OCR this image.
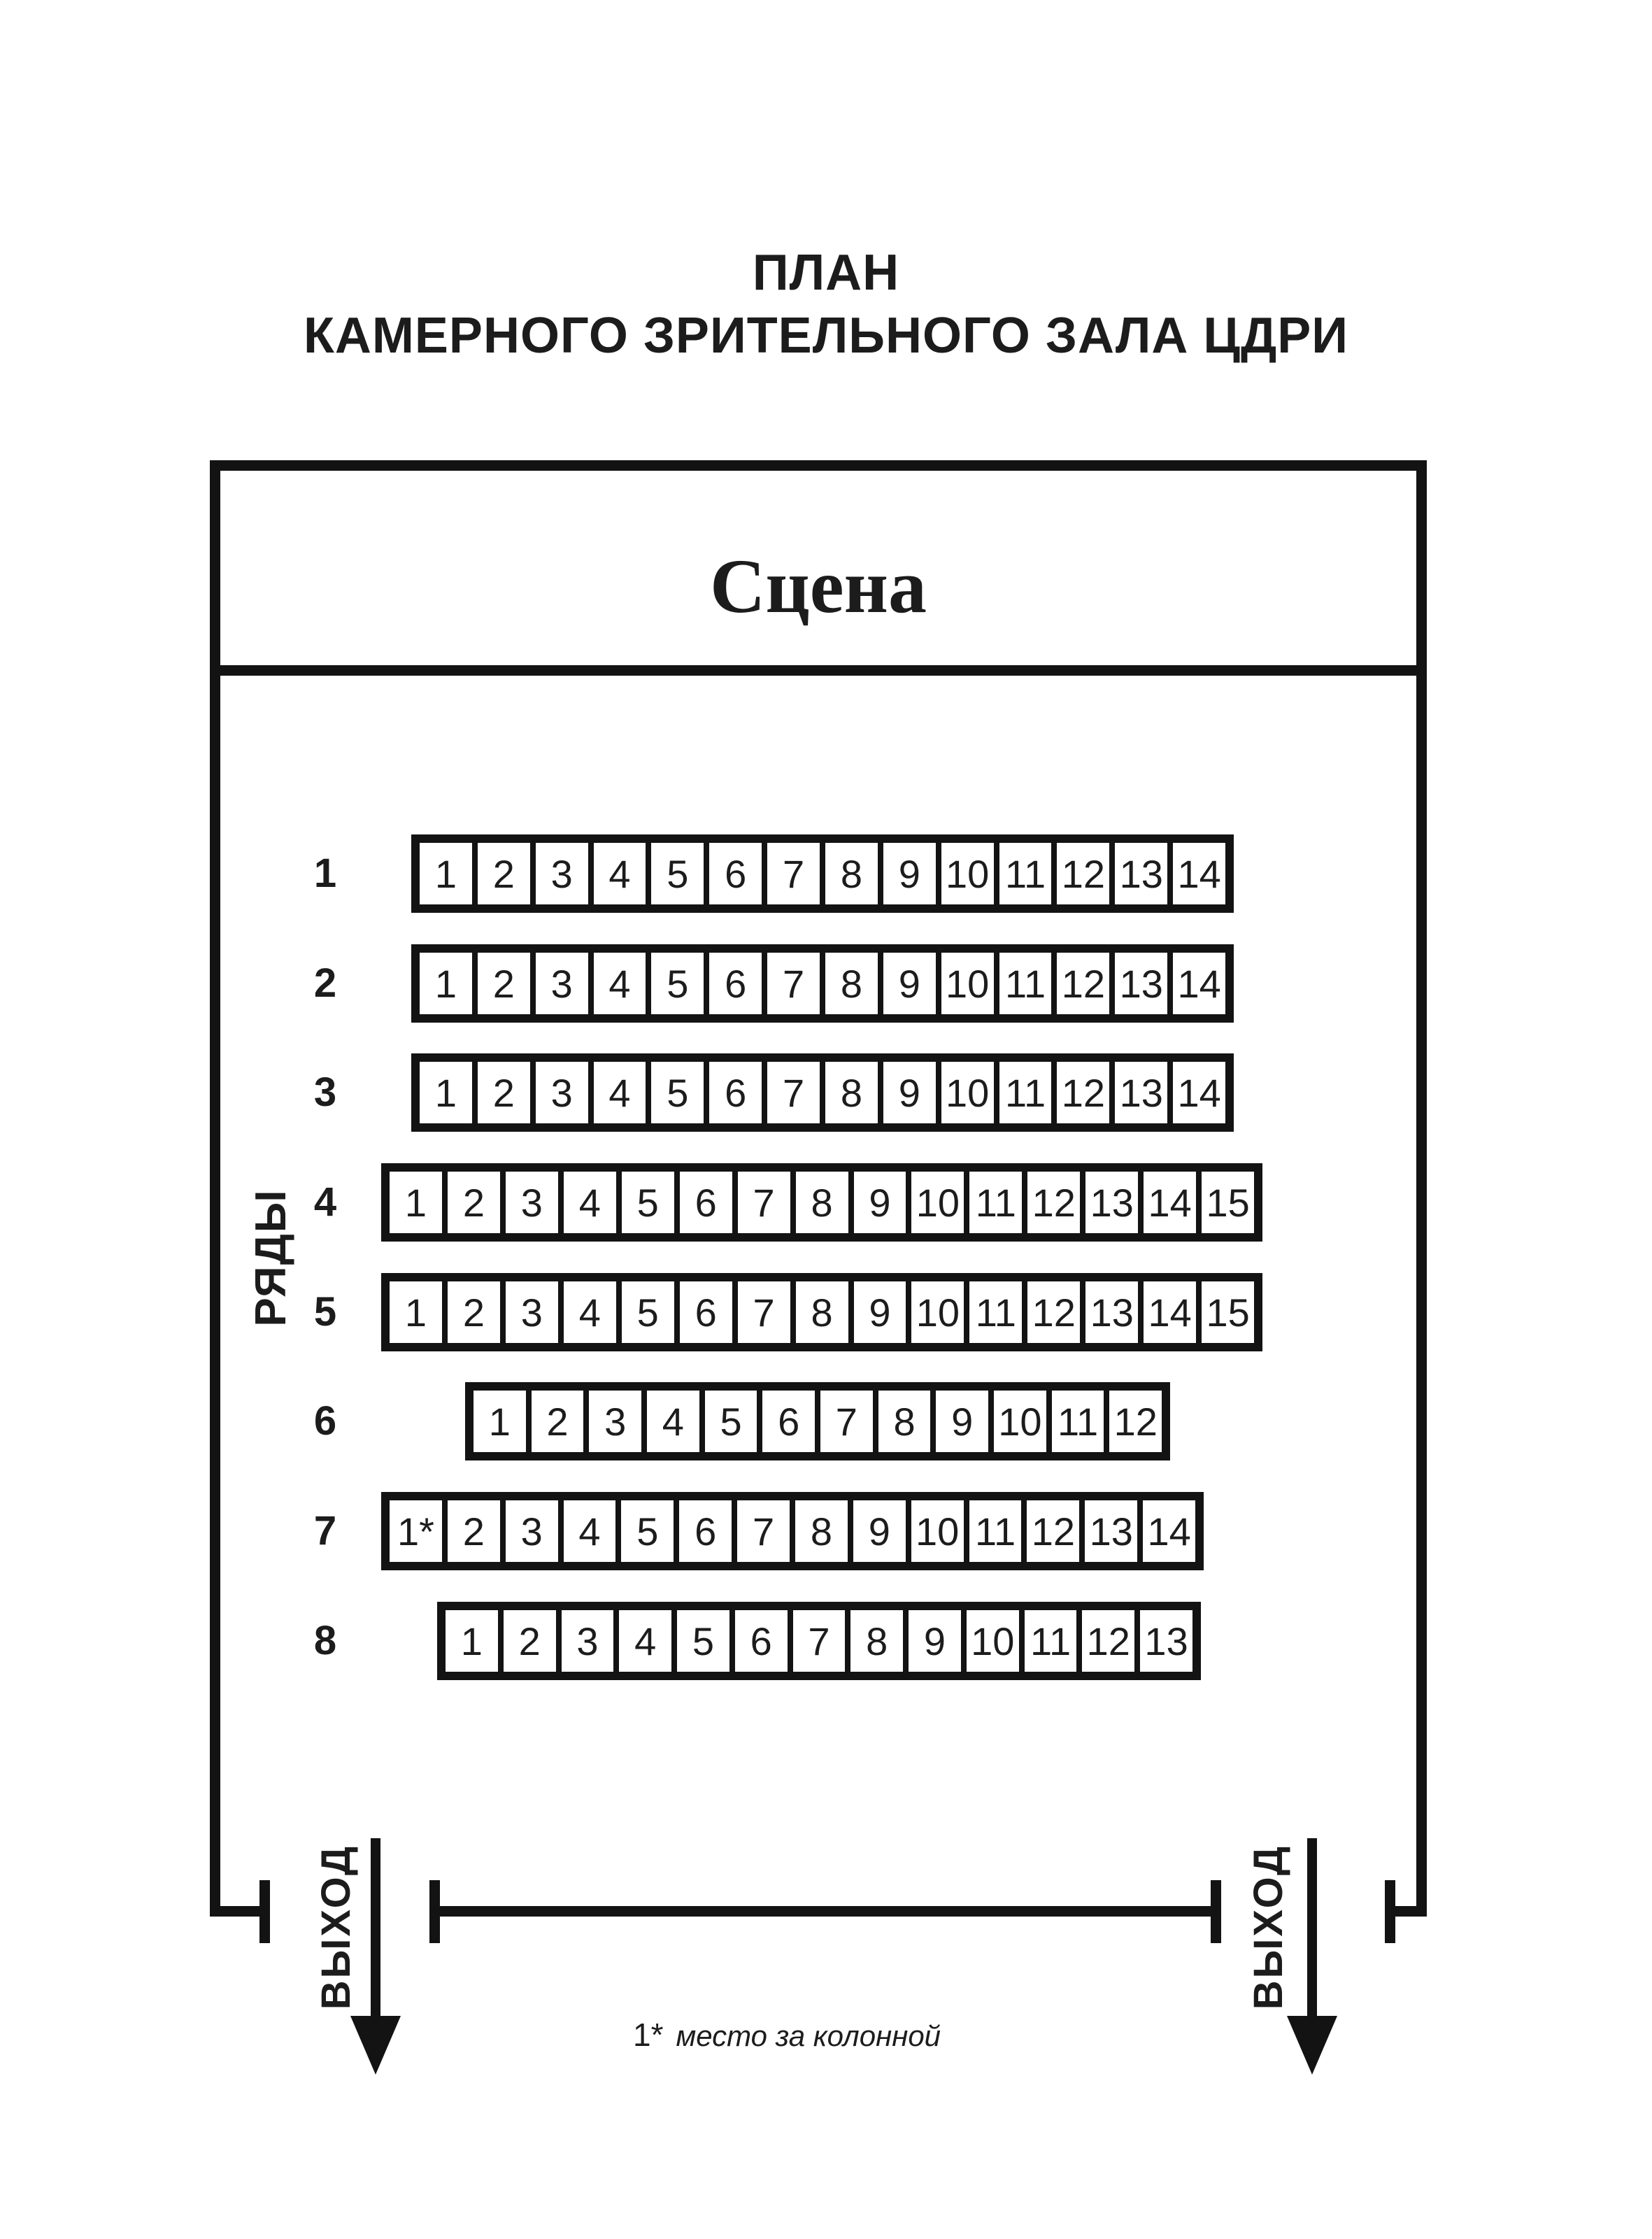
ПЛАН
КАМЕРНОГО ЗРИТЕЛЬНОГО ЗАЛА ЦДРИ
Сцена
РЯДЫ
1
2
3
4
5
6
7
8
1 2 3 4 5 6 7 8 9 10 11 12 13 14
1 2 3 4 5 6 7 8 9 10 11 12 13 14
1 2 3 4 5 6 7 8 9 10 11 12 13 14
1 2 3 4 5 6 7 8 9 10 11 12 13 14 15
1 2 3 4 5 6 7 8 9 10 11 12 13 14 15
1 2 3 4 5 6 7 8 9 10 11 12
1* 2 3 4 5 6 7 8 9 10 11 12 13 14
1 2 3 4 5 6 7 8 9 10 11 12 13
ВЫХОД	ВЫХОД
1* место за колонной
